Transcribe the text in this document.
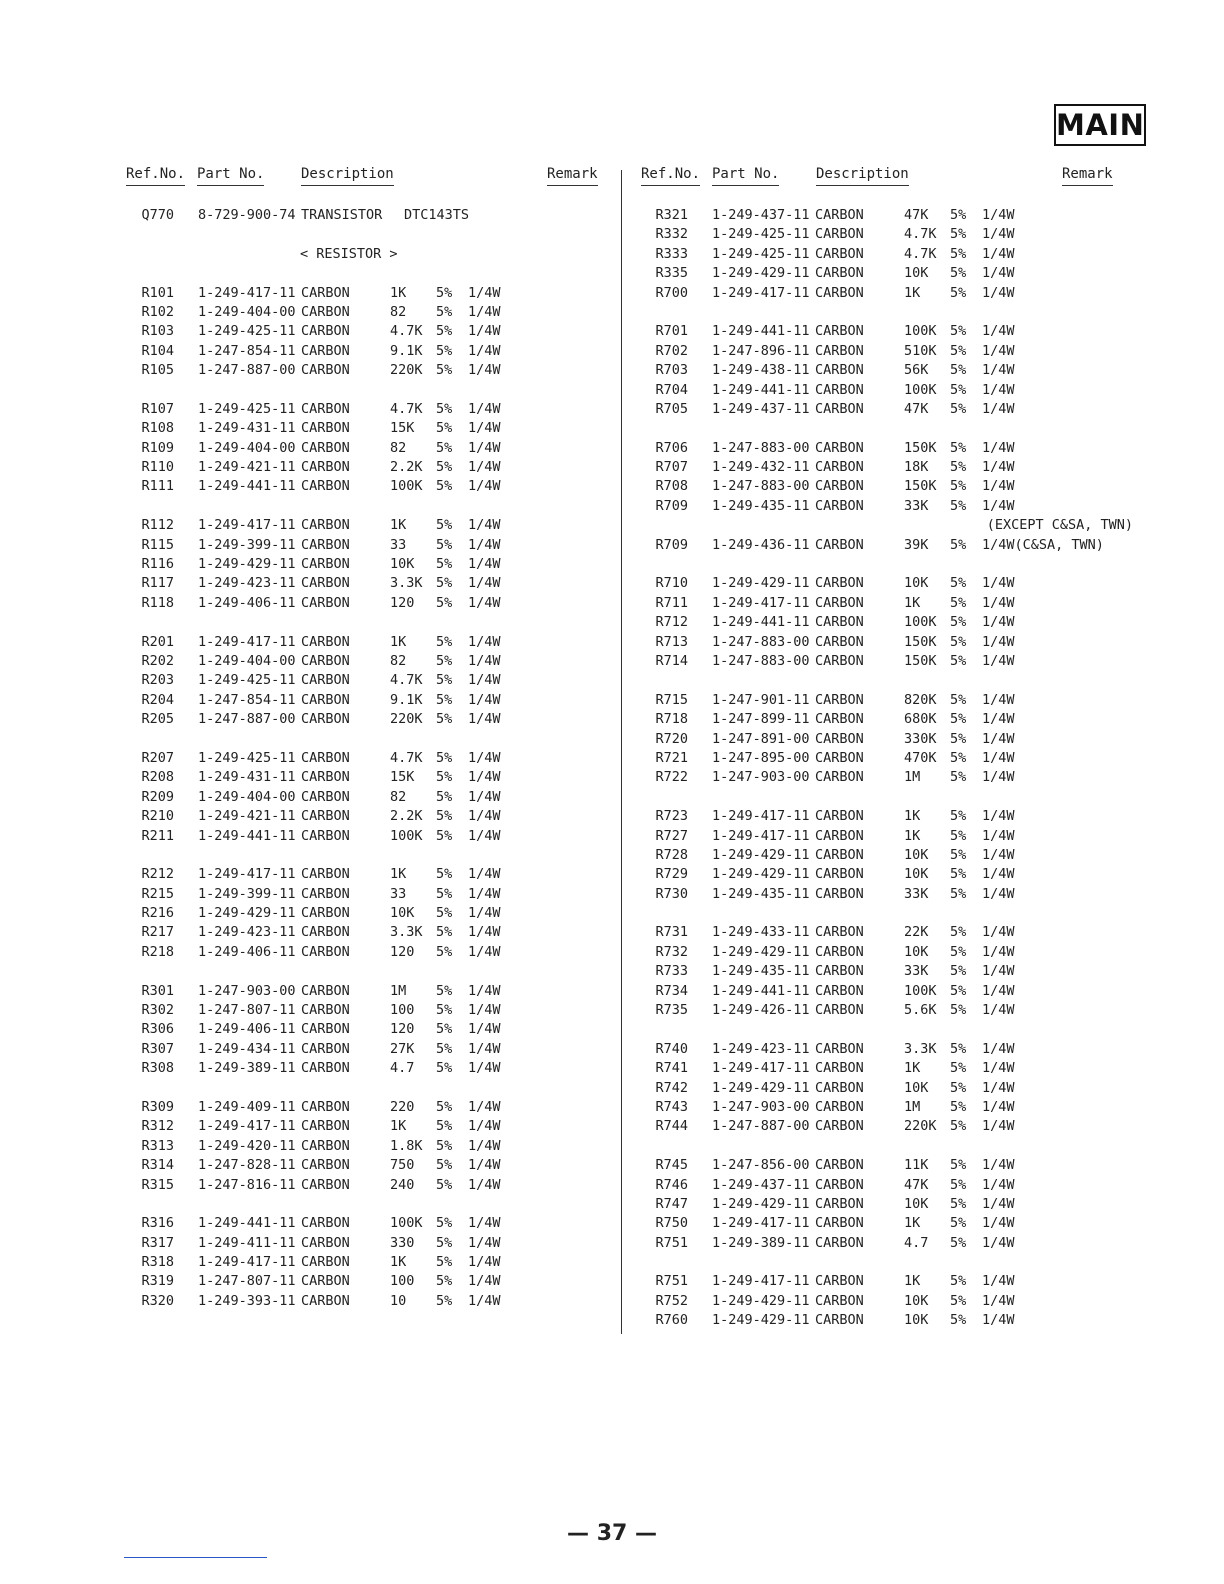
MAIN
Ref.No. Part No.	Description	Remark
Q770 8-729-900-74 TRANSISTOR DTC143TS
< RESISTOR >
R101 1-249-417-11 CARBON	1K 5% 1/4W
R102 1-249-404-00 CARBON	82 5% 1/4W
R103 1-249-425-11 CARBON	4.7K 5% 1/4W
R104 1-247-854-11 CARBON	9.1K 5% 1/4W
R105 1-247-887-00 CARBON	220K 5% 1/4W
R107 1-249-425-11 CARBON	4.7K 5% 1/4W
R108 1-249-431-11 CARBON	15K 5% 1/4W
R109 1-249-404-00 CARBON	82 5% 1/4W
R110 1-249-421-11 CARBON	2.2K 5% 1/4W
R111 1-249-441-11 CARBON	100K 5% 1/4W
R112 1-249-417-11 CARBON	1K 5% 1/4W
R115 1-249-399-11 CARBON	33 5% 1/4W
R116 1-249-429-11 CARBON	10K 5% 1/4W
R117 1-249-423-11 CARBON	3.3K 5% 1/4W
R118 1-249-406-11 CARBON	120 5% 1/4W
R201 1-249-417-11 CARBON	1K 5% 1/4W
R202 1-249-404-00 CARBON	82 5% 1/4W
R203 1-249-425-11 CARBON	4.7K 5% 1/4W
R204 1-247-854-11 CARBON	9.1K 5% 1/4W
R205 1-247-887-00 CARBON	220K 5% 1/4W
R207 1-249-425-11 CARBON	4.7K 5% 1/4W
R208 1-249-431-11 CARBON	15K 5% 1/4W
R209 1-249-404-00 CARBON	82 5% 1/4W
R210 1-249-421-11 CARBON	2.2K 5% 1/4W
R211 1-249-441-11 CARBON	100K 5% 1/4W
R212 1-249-417-11 CARBON	1K 5% 1/4W
R215 1-249-399-11 CARBON	33 5% 1/4W
R216 1-249-429-11 CARBON	10K 5% 1/4W
R217 1-249-423-11 CARBON	3.3K 5% 1/4W
R218 1-249-406-11 CARBON	120 5% 1/4W
R301 1-247-903-00 CARBON	1M 5% 1/4W
R302 1-247-807-11 CARBON	100 5% 1/4W
R306 1-249-406-11 CARBON	120 5% 1/4W
R307 1-249-434-11 CARBON	27K 5% 1/4W
R308 1-249-389-11 CARBON	4.7 5% 1/4W
R309 1-249-409-11 CARBON	220 5% 1/4W
R312 1-249-417-11 CARBON	1K 5% 1/4W
R313 1-249-420-11 CARBON	1.8K 5% 1/4W
R314 1-247-828-11 CARBON	750 5% 1/4W
R315 1-247-816-11 CARBON	240 5% 1/4W
R316 1-249-441-11 CARBON	100K 5% 1/4W
R317 1-249-411-11 CARBON	330 5% 1/4W
R318 1-249-417-11 CARBON	1K 5% 1/4W
R319 1-247-807-11 CARBON	100 5% 1/4W
R320 1-249-393-11 CARBON	10 5% 1/4W
Ref.No. Part No.	Description	Remark
R321 1-249-437-11 CARBON	47K 5% 1/4W
R332 1-249-425-11 CARBON	4.7K 5% 1/4W
R333 1-249-425-11 CARBON	4.7K 5% 1/4W
R335 1-249-429-11 CARBON	10K 5% 1/4W
R700 1-249-417-11 CARBON	1K 5% 1/4W
R701 1-249-441-11 CARBON	100K 5% 1/4W
R702 1-247-896-11 CARBON	510K 5% 1/4W
R703 1-249-438-11 CARBON	56K 5% 1/4W
R704 1-249-441-11 CARBON	100K 5% 1/4W
R705 1-249-437-11 CARBON	47K 5% 1/4W
R706 1-247-883-00 CARBON	150K 5% 1/4W
R707 1-249-432-11 CARBON	18K 5% 1/4W
R708 1-247-883-00 CARBON	150K 5% 1/4W
R709 1-249-435-11 CARBON	33K 5% 1/4W
(EXCEPT C&SA, TWN)
R709 1-249-436-11 CARBON	39K 5% 1/4W(C&SA, TWN)
R710 1-249-429-11 CARBON	10K 5% 1/4W
R711 1-249-417-11 CARBON	1K 5% 1/4W
R712 1-249-441-11 CARBON	100K 5% 1/4W
R713 1-247-883-00 CARBON	150K 5% 1/4W
R714 1-247-883-00 CARBON	150K 5% 1/4W
R715 1-247-901-11 CARBON	820K 5% 1/4W
R718 1-247-899-11 CARBON	680K 5% 1/4W
R720 1-247-891-00 CARBON	330K 5% 1/4W
R721 1-247-895-00 CARBON	470K 5% 1/4W
R722 1-247-903-00 CARBON	1M 5% 1/4W
R723 1-249-417-11 CARBON	1K 5% 1/4W
R727 1-249-417-11 CARBON	1K 5% 1/4W
R728 1-249-429-11 CARBON	10K 5% 1/4W
R729 1-249-429-11 CARBON	10K 5% 1/4W
R730 1-249-435-11 CARBON	33K 5% 1/4W
R731 1-249-433-11 CARBON	22K 5% 1/4W
R732 1-249-429-11 CARBON	10K 5% 1/4W
R733 1-249-435-11 CARBON	33K 5% 1/4W
R734 1-249-441-11 CARBON	100K 5% 1/4W
R735 1-249-426-11 CARBON	5.6K 5% 1/4W
R740 1-249-423-11 CARBON	3.3K 5% 1/4W
R741 1-249-417-11 CARBON	1K 5% 1/4W
R742 1-249-429-11 CARBON	10K 5% 1/4W
R743 1-247-903-00 CARBON	1M 5% 1/4W
R744 1-247-887-00 CARBON	220K 5% 1/4W
R745 1-247-856-00 CARBON	11K 5% 1/4W
R746 1-249-437-11 CARBON	47K 5% 1/4W
R747 1-249-429-11 CARBON	10K 5% 1/4W
R750 1-249-417-11 CARBON	1K 5% 1/4W
R751 1-249-389-11 CARBON	4.7 5% 1/4W
R751 1-249-417-11 CARBON	1K 5% 1/4W
R752 1-249-429-11 CARBON	10K 5% 1/4W
R760 1-249-429-11 CARBON	10K 5% 1/4W
— 37 —
